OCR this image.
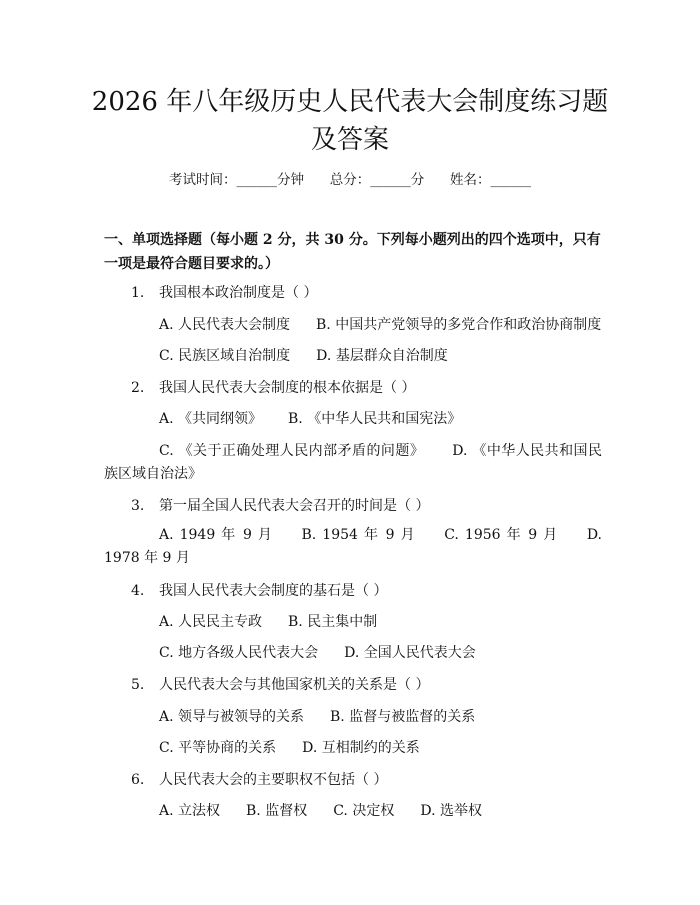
2026 年八年级历史人民代表大会制度练习题
及答案
考试时间：______分钟      总分：______分      姓名：______
一、单项选择题（每小题 2 分，共 30 分。下列每小题列出的四个选项中，只有一项是最符合题目要求的。）
1. 我国根本政治制度是（ ）
A. 人民代表大会制度 B. 中国共产党领导的多党合作和政治协商制度
C. 民族区域自治制度 D. 基层群众自治制度
2. 我国人民代表大会制度的根本依据是（ ）
A. 《共同纲领》 B. 《中华人民共和国宪法》
C. 《关于正确处理人民内部矛盾的问题》 D. 《中华人民共和国民族区域自治法》
3. 第一届全国人民代表大会召开的时间是（ ）
A. 1949 年 9 月 B. 1954 年 9 月 C. 1956 年 9 月 D. 1978 年 9 月
4. 我国人民代表大会制度的基石是（ ）
A. 人民民主专政 B. 民主集中制
C. 地方各级人民代表大会 D. 全国人民代表大会
5. 人民代表大会与其他国家机关的关系是（ ）
A. 领导与被领导的关系 B. 监督与被监督的关系
C. 平等协商的关系 D. 互相制约的关系
6. 人民代表大会的主要职权不包括（ ）
A. 立法权 B. 监督权 C. 决定权 D. 选举权
